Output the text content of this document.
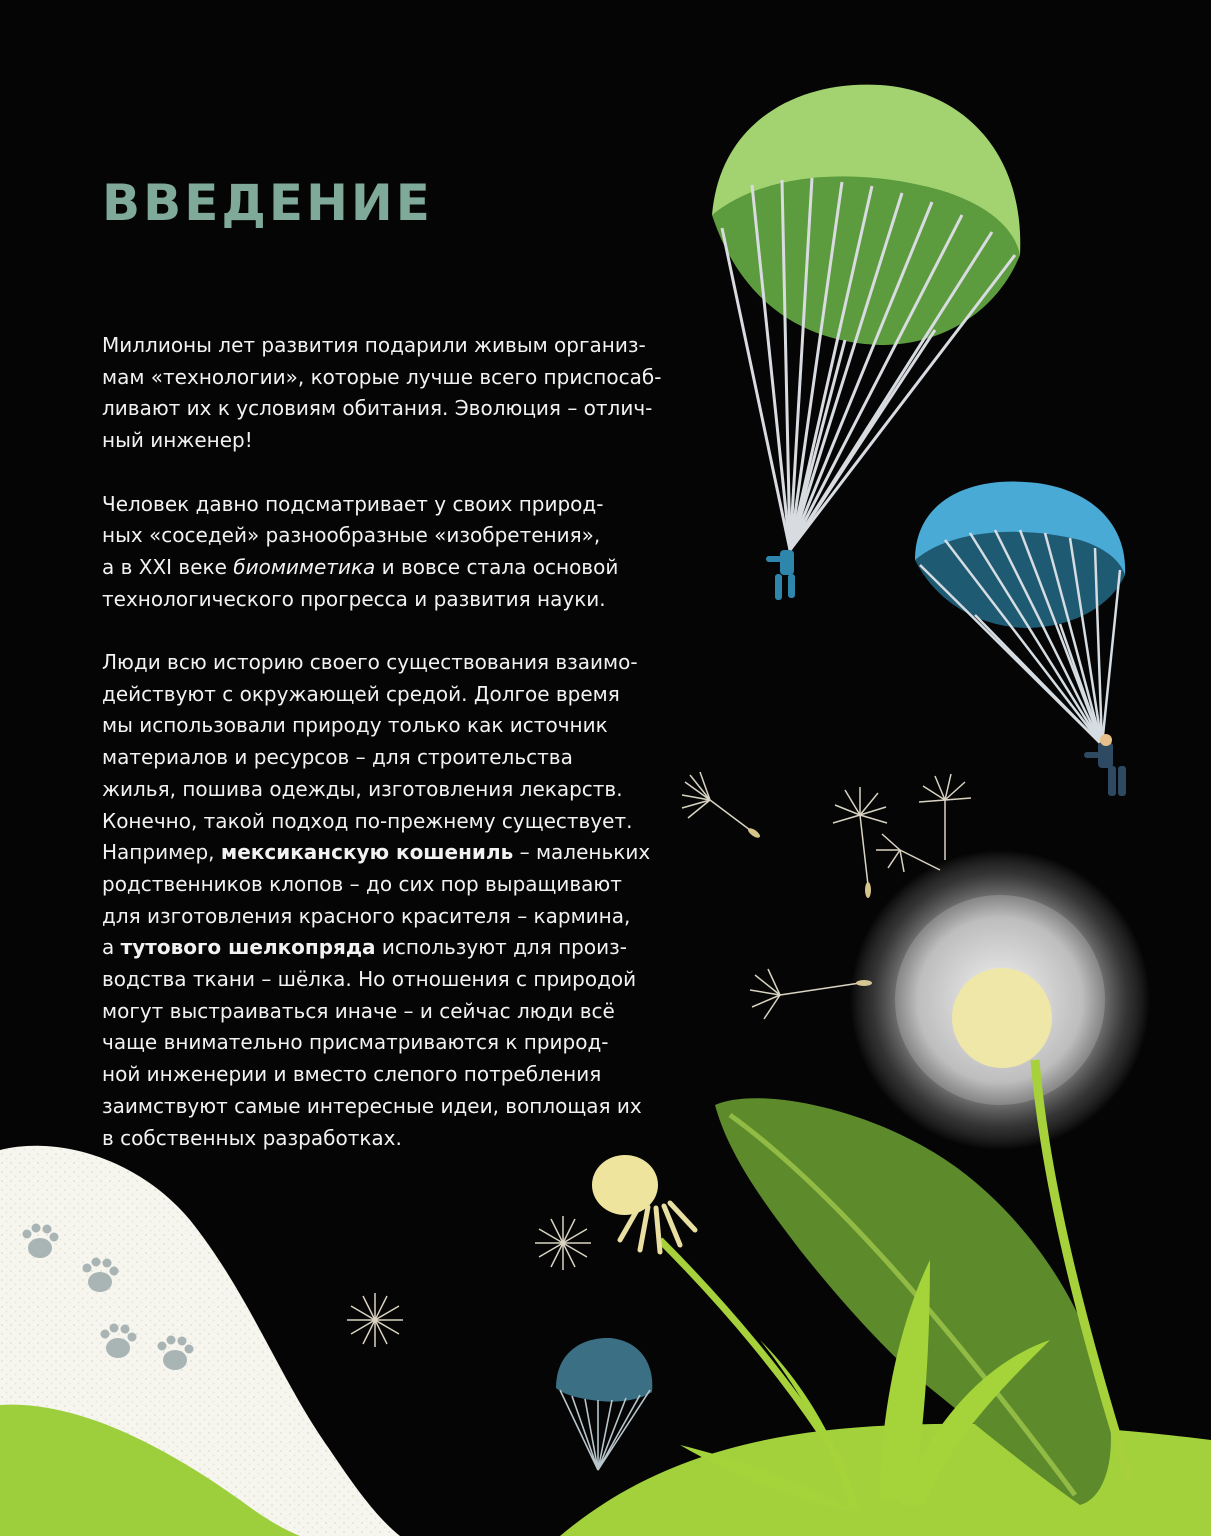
ВВЕДЕНИЕ

Миллионы лет развития подарили живым организ-
мам «технологии», которые лучше всего приспосаб-
ливают их к условиям обитания. Эволюция – отлич-
ный инженер!

Человек давно подсматривает у своих природ-
ных «соседей» разнообразные «изобретения»,
а в XXI веке биомиметика и вовсе стала основой
технологического прогресса и развития науки.

Люди всю историю своего существования взаимо-
действуют с окружающей средой. Долгое время
мы использовали природу только как источник
материалов и ресурсов – для строительства
жилья, пошива одежды, изготовления лекарств.
Конечно, такой подход по-прежнему существует.
Например, мексиканскую кошениль – маленьких
родственников клопов – до сих пор выращивают
для изготовления красного красителя – кармина,
а тутового шелкопряда используют для произ-
водства ткани – шёлка. Но отношения с природой
могут выстраиваться иначе – и сейчас люди всё
чаще внимательно присматриваются к природ-
ной инженерии и вместо слепого потребления
заимствуют самые интересные идеи, воплощая их
в собственных разработках.
